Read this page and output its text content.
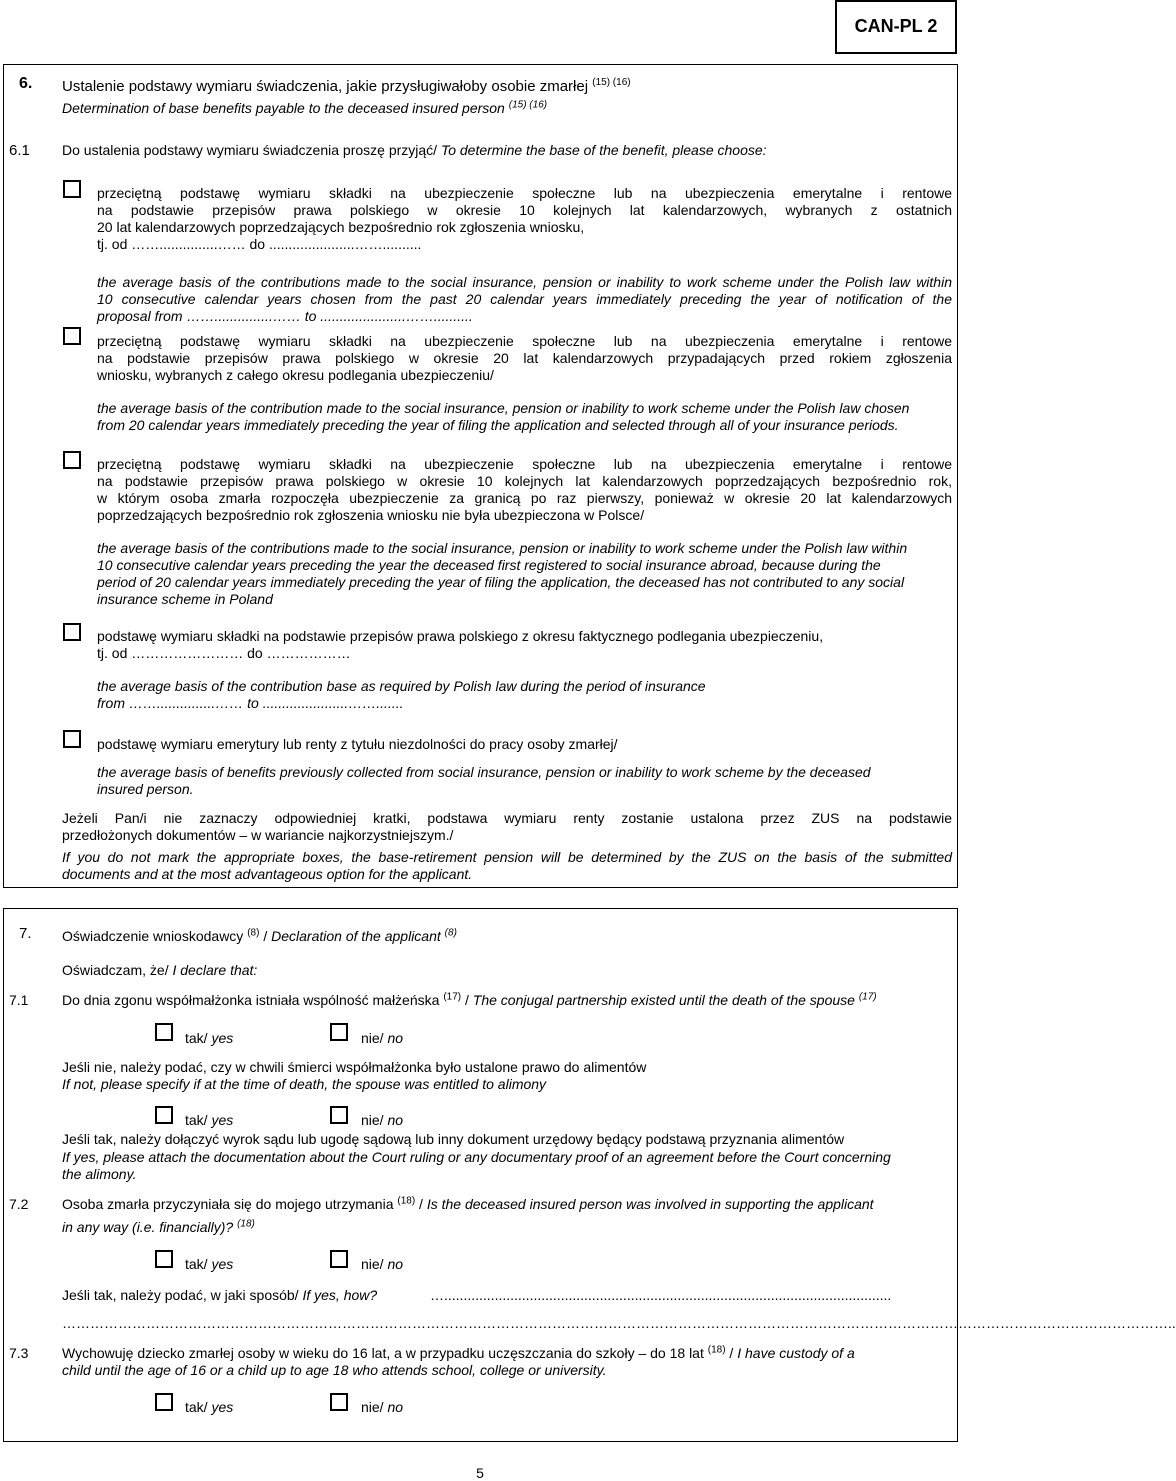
CAN-PL 2
6. Ustalenie podstawy wymiaru świadczenia, jakie przysługiwałoby osobie zmarłej $^{(15) (16)}$
Determination of base benefits payable to the deceased insured person $^{(15) (16)}$
6.1 Do ustalenia podstawy wymiaru świadczenia proszę przyjąć/ To determine the base of the benefit, please choose:
przeciętną podstawę wymiaru składki na ubezpieczenie społeczne lub na ubezpieczenia emerytalne i rentowe
na podstawie przepisów prawa polskiego w okresie 10 kolejnych lat kalendarzowych, wybranych z ostatnich
20 lat kalendarzowych poprzedzających bezpośrednio rok zgłoszenia wniosku,
tj. od ……...............…… do ......................……..........
the average basis of the contributions made to the social insurance, pension or inability to work scheme under the Polish law within
10 consecutive calendar years chosen from the past 20 calendar years immediately preceding the year of notification of the
proposal from ……...............…… to ......................……..........
przeciętną podstawę wymiaru składki na ubezpieczenie społeczne lub na ubezpieczenia emerytalne i rentowe
na podstawie przepisów prawa polskiego w okresie 20 lat kalendarzowych przypadających przed rokiem zgłoszenia
wniosku, wybranych z całego okresu podlegania ubezpieczeniu/
the average basis of the contribution made to the social insurance, pension or inability to work scheme under the Polish law chosen
from 20 calendar years immediately preceding the year of filing the application and selected through all of your insurance periods.
przeciętną podstawę wymiaru składki na ubezpieczenie społeczne lub na ubezpieczenia emerytalne i rentowe
na podstawie przepisów prawa polskiego w okresie 10 kolejnych lat kalendarzowych poprzedzających bezpośrednio rok,
w którym osoba zmarła rozpoczęła ubezpieczenie za granicą po raz pierwszy, ponieważ w okresie 20 lat kalendarzowych
poprzedzających bezpośrednio rok zgłoszenia wniosku nie była ubezpieczona w Polsce/
the average basis of the contributions made to the social insurance, pension or inability to work scheme under the Polish law within
10 consecutive calendar years preceding the year the deceased first registered to social insurance abroad, because during the
period of 20 calendar years immediately preceding the year of filing the application, the deceased has not contributed to any social
insurance scheme in Poland
podstawę wymiaru składki na podstawie przepisów prawa polskiego z okresu faktycznego podlegania ubezpieczeniu,
tj. od …………………… do ………………
the average basis of the contribution base as required by Polish law during the period of insurance
from ……...............…… to ......................…….......
podstawę wymiaru emerytury lub renty z tytułu niezdolności do pracy osoby zmarłej/
the average basis of benefits previously collected from social insurance, pension or inability to work scheme by the deceased
insured person.
Jeżeli Pan/i nie zaznaczy odpowiedniej kratki, podstawa wymiaru renty zostanie ustalona przez ZUS na podstawie
przedłożonych dokumentów – w wariancie najkorzystniejszym./
If you do not mark the appropriate boxes, the base-retirement pension will be determined by the ZUS on the basis of the submitted
documents and at the most advantageous option for the applicant.
7. Oświadczenie wnioskodawcy $^{(8)}$ / Declaration of the applicant $^{(8)}$
Oświadczam, że/ I declare that:
7.1 Do dnia zgonu współmałżonka istniała wspólność małżeńska $^{(17)}$ / The conjugal partnership existed until the death of the spouse $^{(17)}$
tak/ yes	nie/ no
Jeśli nie, należy podać, czy w chwili śmierci współmałżonka było ustalone prawo do alimentów
If not, please specify if at the time of death, the spouse was entitled to alimony
tak/ yes	nie/ no
Jeśli tak, należy dołączyć wyrok sądu lub ugodę sądową lub inny dokument urzędowy będący podstawą przyznania alimentów
If yes, please attach the documentation about the Court ruling or any documentary proof of an agreement before the Court concerning
the alimony.
7.2 Osoba zmarła przyczyniała się do mojego utrzymania $^{(18)}$ / Is the deceased insured person was involved in supporting the applicant
in any way (i.e. financially)? $^{(18)}$
tak/ yes	nie/ no
Jeśli tak, należy podać, w jaki sposób/ If yes, how?	…...................................................................................................................
…………………………………………………………………………………………………………………………………………………………………………………………………………………..
7.3 Wychowuję dziecko zmarłej osoby w wieku do 16 lat, a w przypadku uczęszczania do szkoły – do 18 lat $^{(18)}$ / I have custody of a
child until the age of 16 or a child up to age 18 who attends school, college or university.
tak/ yes	nie/ no
5
